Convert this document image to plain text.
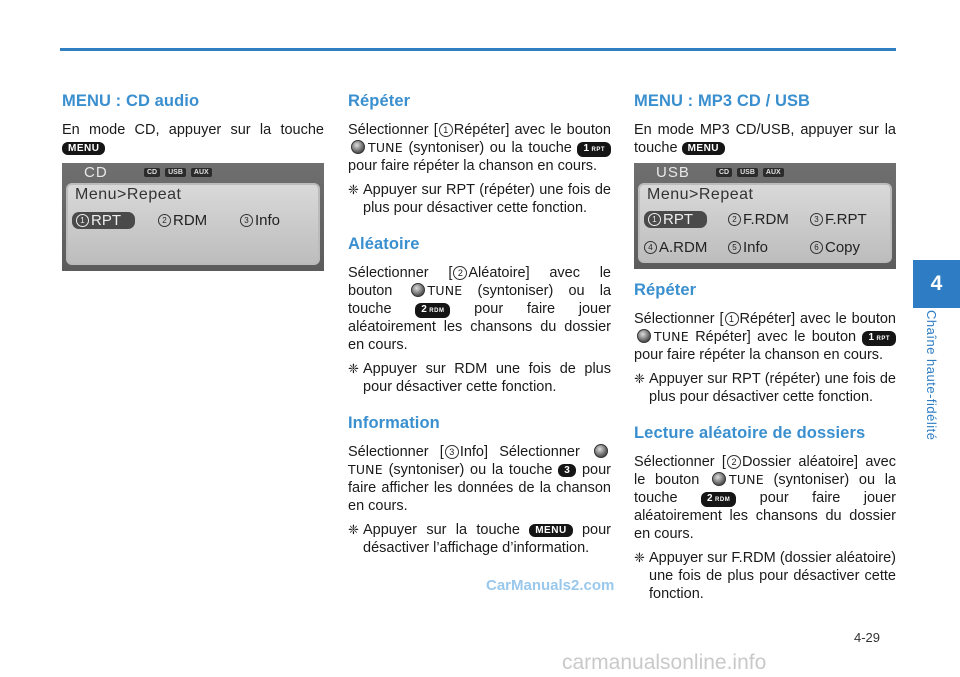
MENU : CD audio

En mode CD, appuyer sur la touche MENU

CD	CD	USB	AUX
Menu>Repeat
1 RPT	2 RDM	3 Info
Répéter

Sélectionner [ 1 Répéter] avec le bouton TUNE (syntoniser) ou la touche 1 RPT pour faire répéter la chanson en cours.

❈ Appuyer sur RPT (répéter) une fois de plus pour désactiver cette fonction.
Aléatoire

Sélectionner [ 2 Aléatoire] avec le bouton	TUNE (syntoniser) ou la touche	2 RDM pour faire jouer aléatoirement les chansons du dossier en cours.

❈ Appuyer sur RDM une fois de plus pour désactiver cette fonction.
Information

Sélectionner [ 3 Info] Sélectionner TUNE (syntoniser) ou la touche 3 pour faire afficher les données de la chanson en cours.

❈ Appuyer sur la touche MENU pour désactiver l’affichage d’information.
MENU : MP3 CD / USB

En mode MP3 CD/USB, appuyer sur la touche MENU

USB	CD	USB	AUX
Menu>Repeat
1 RPT	2 F.RDM	3 F.RPT
4 A.RDM	5 Info	6 Copy
Répéter

Sélectionner [ 1 Répéter] avec le bouton TUNE Répéter] avec le bouton 1 RPT pour faire répéter la chanson en cours.

❈ Appuyer sur RPT (répéter) une fois de plus pour désactiver cette fonction.
Lecture aléatoire de dossiers

Sélectionner [ 2 Dossier aléatoire] avec le bouton TUNE (syntoniser) ou la touche	2 RDM pour faire jouer aléatoirement les chansons du dossier en cours.

❈ Appuyer sur F.RDM (dossier aléatoire) une fois de plus pour désactiver cette fonction.
4
Chaîne haute-fidélité
4-29
CarManuals2.com
carmanualsonline.info
